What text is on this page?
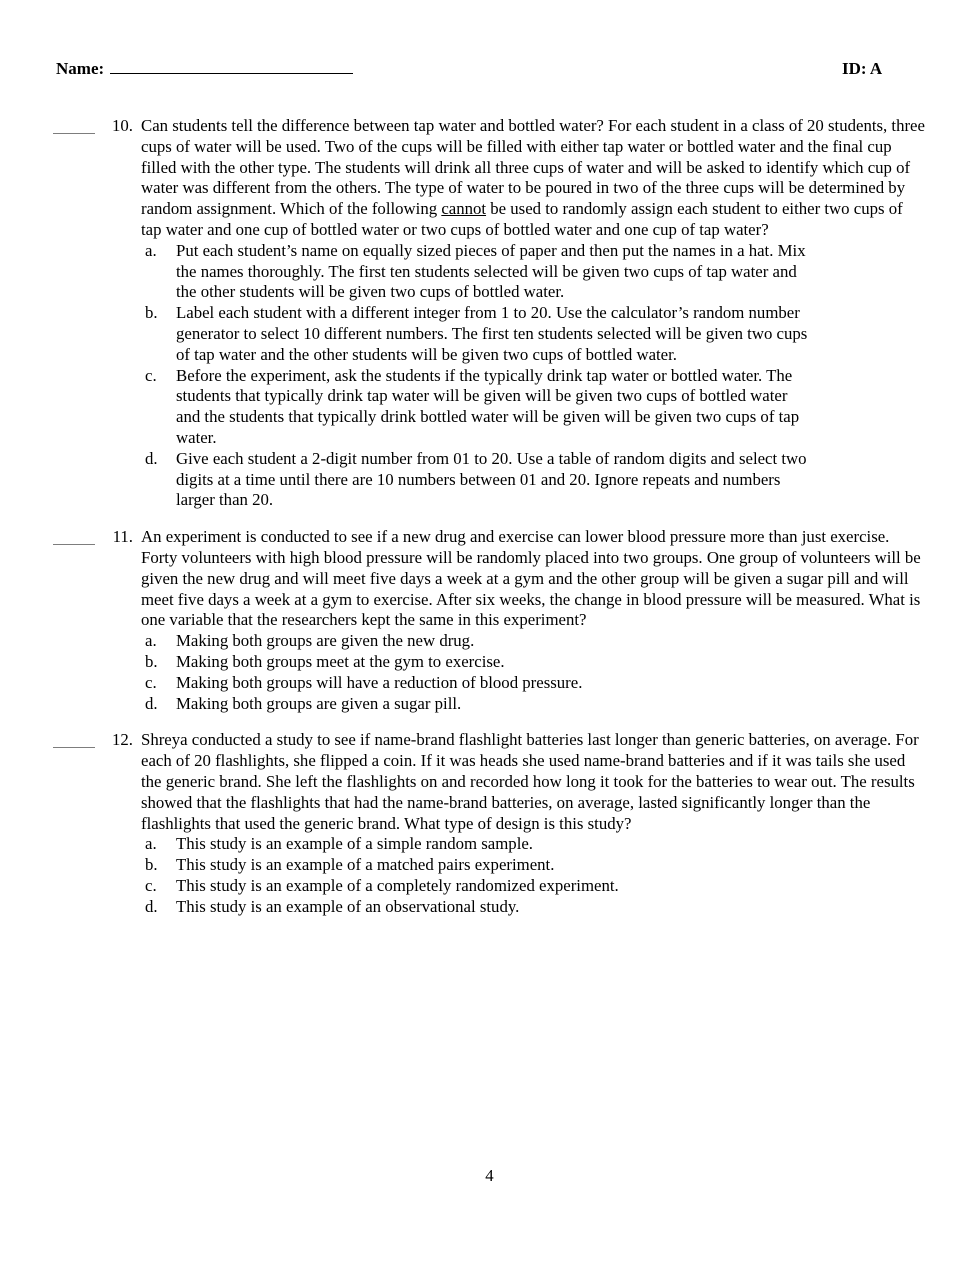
Name:	ID: A
10. Can students tell the difference between tap water and bottled water? For each student in a class of 20 students, three cups of water will be used. Two of the cups will be filled with either tap water or bottled water and the final cup filled with the other type. The students will drink all three cups of water and will be asked to identify which cup of water was different from the others. The type of water to be poured in two of the three cups will be determined by random assignment. Which of the following cannot be used to randomly assign each student to either two cups of tap water and one cup of bottled water or two cups of bottled water and one cup of tap water?

a.	Put each student’s name on equally sized pieces of paper and then put the names in a hat. Mix the names thoroughly. The first ten students selected will be given two cups of tap water and the other students will be given two cups of bottled water.
b.	Label each student with a different integer from 1 to 20. Use the calculator’s random number generator to select 10 different numbers. The first ten students selected will be given two cups of tap water and the other students will be given two cups of bottled water.
c.	Before the experiment, ask the students if the typically drink tap water or bottled water. The students that typically drink tap water will be given will be given two cups of bottled water and the students that typically drink bottled water will be given will be given two cups of tap water.
d.	Give each student a 2-digit number from 01 to 20. Use a table of random digits and select two digits at a time until there are 10 numbers between 01 and 20. Ignore repeats and numbers larger than 20.
11. An experiment is conducted to see if a new drug and exercise can lower blood pressure more than just exercise. Forty volunteers with high blood pressure will be randomly placed into two groups. One group of volunteers will be given the new drug and will meet five days a week at a gym and the other group will be given a sugar pill and will meet five days a week at a gym to exercise. After six weeks, the change in blood pressure will be measured. What is one variable that the researchers kept the same in this experiment?

a.	Making both groups are given the new drug.
b.	Making both groups meet at the gym to exercise.
c.	Making both groups will have a reduction of blood pressure.
d.	Making both groups are given a sugar pill.
12. Shreya conducted a study to see if name-brand flashlight batteries last longer than generic batteries, on average. For each of 20 flashlights, she flipped a coin. If it was heads she used name-brand batteries and if it was tails she used the generic brand. She left the flashlights on and recorded how long it took for the batteries to wear out. The results showed that the flashlights that had the name-brand batteries, on average, lasted significantly longer than the flashlights that used the generic brand. What type of design is this study?

a.	This study is an example of a simple random sample.
b.	This study is an example of a matched pairs experiment.
c.	This study is an example of a completely randomized experiment.
d.	This study is an example of an observational study.
4
